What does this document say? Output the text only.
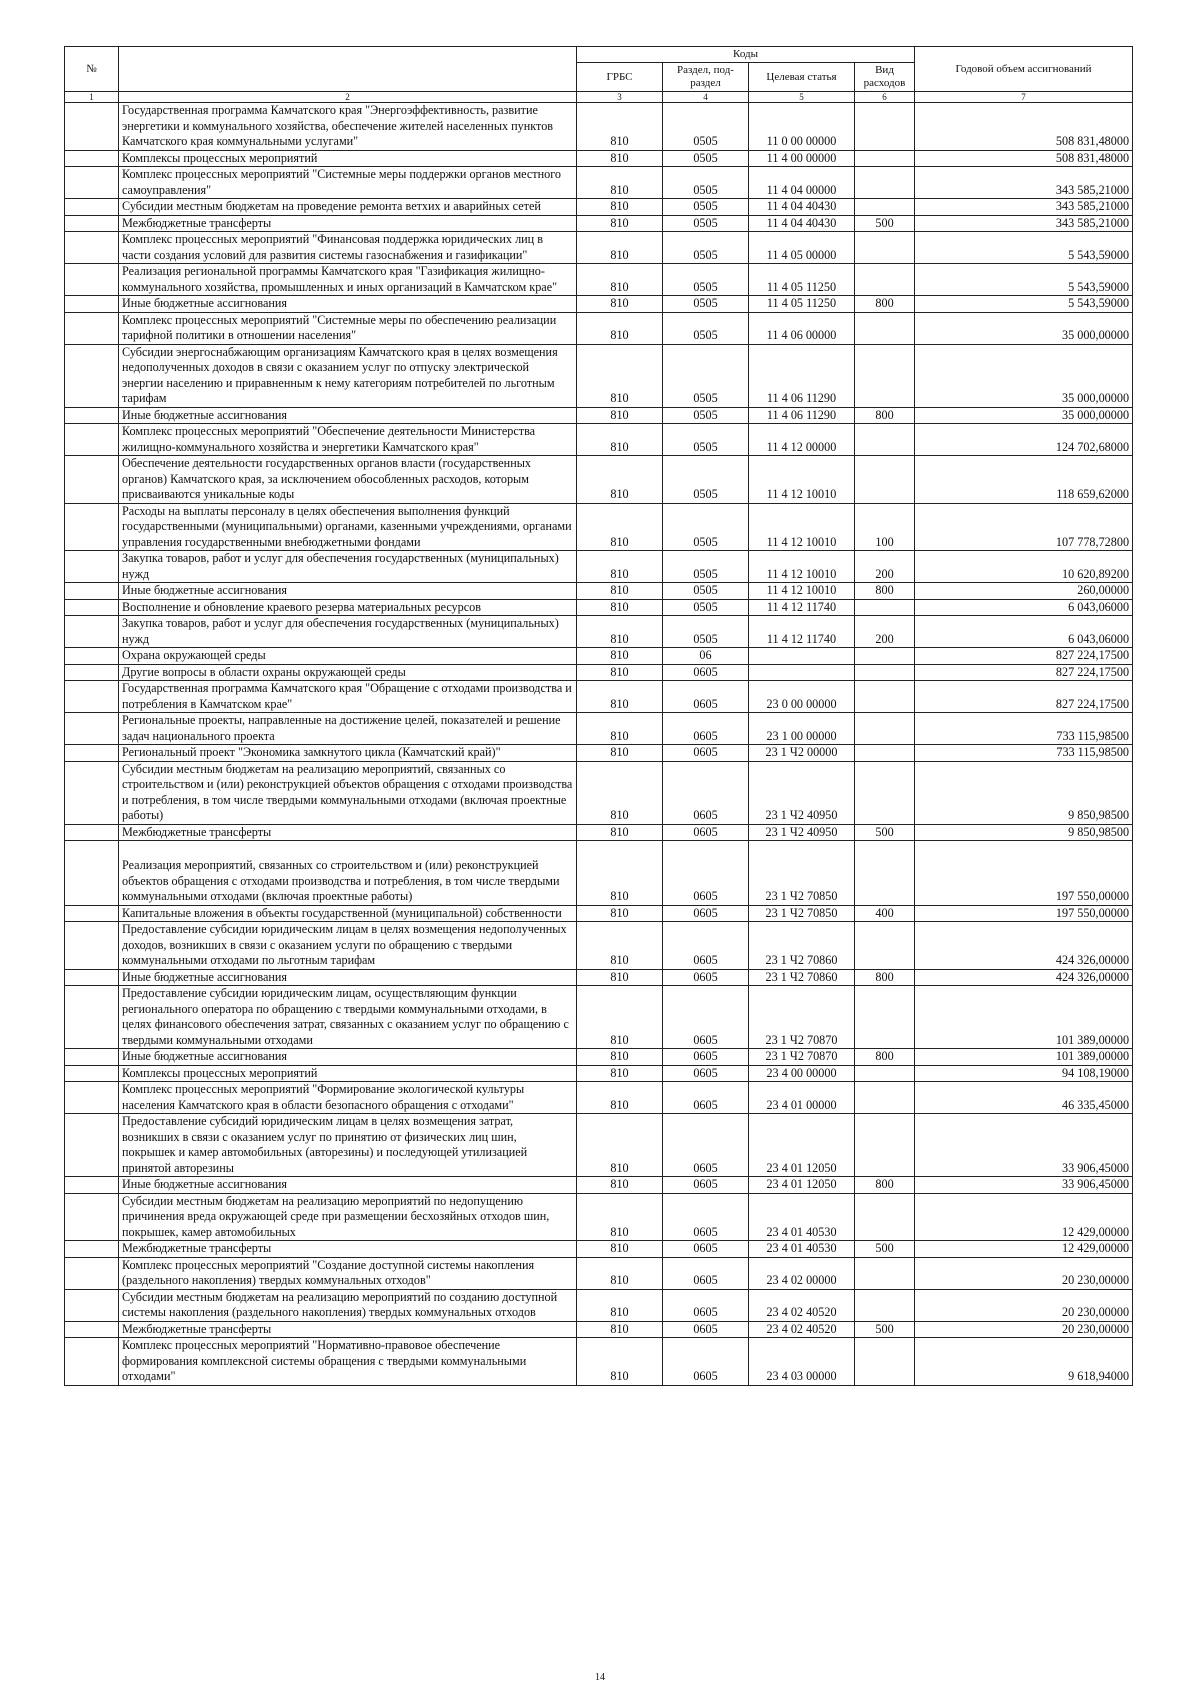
№		Коды				Годовой объем ассигнований
		ГРБС	Раздел, под-раздел	Целевая статья	Вид расходов	
1	2	3	4	5	6	7
	Государственная программа Камчатского края "Энергоэффективность, развитие энергетики и коммунального хозяйства, обеспечение жителей населенных пунктов Камчатского края коммунальными услугами"	810	0505	11 0 00 00000		508 831,48000
	Комплексы процессных мероприятий	810	0505	11 4 00 00000		508 831,48000
	Комплекс процессных мероприятий "Системные меры поддержки органов местного самоуправления"	810	0505	11 4 04 00000		343 585,21000
	Субсидии местным бюджетам на проведение ремонта ветхих и аварийных сетей	810	0505	11 4 04 40430		343 585,21000
	Межбюджетные трансферты	810	0505	11 4 04 40430	500	343 585,21000
	Комплекс процессных мероприятий "Финансовая поддержка юридических лиц в части создания условий для развития системы газоснабжения и газификации"	810	0505	11 4 05 00000		5 543,59000
	Реализация региональной программы Камчатского края "Газификация жилищно-коммунального хозяйства, промышленных и иных организаций в Камчатском крае"	810	0505	11 4 05 11250		5 543,59000
	Иные бюджетные ассигнования	810	0505	11 4 05 11250	800	5 543,59000
	Комплекс процессных мероприятий "Системные меры по обеспечению реализации тарифной политики в отношении населения"	810	0505	11 4 06 00000		35 000,00000
	Субсидии энергоснабжающим организациям Камчатского края в целях возмещения недополученных доходов в связи с оказанием услуг по отпуску электрической энергии населению и приравненным к нему категориям потребителей по льготным тарифам	810	0505	11 4 06 11290		35 000,00000
	Иные бюджетные ассигнования	810	0505	11 4 06 11290	800	35 000,00000
	Комплекс процессных мероприятий "Обеспечение деятельности Министерства жилищно-коммунального хозяйства и энергетики Камчатского края"	810	0505	11 4 12 00000		124 702,68000
	Обеспечение деятельности государственных органов власти (государственных органов) Камчатского края, за исключением обособленных расходов, которым присваиваются уникальные коды	810	0505	11 4 12 10010		118 659,62000
	Расходы на выплаты персоналу в целях обеспечения выполнения функций государственными (муниципальными) органами, казенными учреждениями, органами управления государственными внебюджетными фондами	810	0505	11 4 12 10010	100	107 778,72800
	Закупка товаров, работ и услуг для обеспечения государственных (муниципальных) нужд	810	0505	11 4 12 10010	200	10 620,89200
	Иные бюджетные ассигнования	810	0505	11 4 12 10010	800	260,00000
	Восполнение и обновление краевого резерва материальных ресурсов	810	0505	11 4 12 11740		6 043,06000
	Закупка товаров, работ и услуг для обеспечения государственных (муниципальных) нужд	810	0505	11 4 12 11740	200	6 043,06000
	Охрана окружающей среды	810	06			827 224,17500
	Другие вопросы в области охраны окружающей среды	810	0605			827 224,17500
	Государственная программа Камчатского края "Обращение с отходами производства и потребления в Камчатском крае"	810	0605	23 0 00 00000		827 224,17500
	Региональные проекты, направленные на достижение целей, показателей и решение задач национального проекта	810	0605	23 1 00 00000		733 115,98500
	Региональный проект "Экономика замкнутого цикла (Камчатский край)"	810	0605	23 1 Ч2 00000		733 115,98500
	Субсидии местным бюджетам на реализацию мероприятий, связанных со строительством и (или) реконструкцией объектов обращения с отходами производства и потребления, в том числе твердыми коммунальными отходами (включая проектные работы)	810	0605	23 1 Ч2 40950		9 850,98500
	Межбюджетные трансферты	810	0605	23 1 Ч2 40950	500	9 850,98500
	Реализация мероприятий, связанных со строительством и (или) реконструкцией объектов обращения с отходами производства и потребления, в том числе твердыми коммунальными отходами (включая проектные работы)	810	0605	23 1 Ч2 70850		197 550,00000
	Капитальные вложения в объекты государственной (муниципальной) собственности	810	0605	23 1 Ч2 70850	400	197 550,00000
	Предоставление субсидии юридическим лицам в целях возмещения недополученных доходов, возникших в связи с оказанием услуги по обращению с твердыми коммунальными отходами по льготным тарифам	810	0605	23 1 Ч2 70860		424 326,00000
	Иные бюджетные ассигнования	810	0605	23 1 Ч2 70860	800	424 326,00000
	Предоставление субсидии юридическим лицам, осуществляющим функции регионального оператора по обращению с твердыми коммунальными отходами, в целях финансового обеспечения затрат, связанных с оказанием услуг по обращению с твердыми коммунальными отходами	810	0605	23 1 Ч2 70870		101 389,00000
	Иные бюджетные ассигнования	810	0605	23 1 Ч2 70870	800	101 389,00000
	Комплексы процессных мероприятий	810	0605	23 4 00 00000		94 108,19000
	Комплекс процессных мероприятий "Формирование экологической культуры населения Камчатского края в области безопасного обращения с отходами"	810	0605	23 4 01 00000		46 335,45000
	Предоставление субсидий юридическим лицам в целях возмещения затрат, возникших в связи с оказанием услуг по принятию от физических лиц шин, покрышек и камер автомобильных (авторезины) и последующей утилизацией принятой авторезины	810	0605	23 4 01 12050		33 906,45000
	Иные бюджетные ассигнования	810	0605	23 4 01 12050	800	33 906,45000
	Субсидии местным бюджетам на реализацию мероприятий по недопущению причинения вреда окружающей среде при размещении бесхозяйных отходов шин, покрышек, камер автомобильных	810	0605	23 4 01 40530		12 429,00000
	Межбюджетные трансферты	810	0605	23 4 01 40530	500	12 429,00000
	Комплекс процессных мероприятий "Создание доступной системы накопления (раздельного накопления) твердых коммунальных отходов"	810	0605	23 4 02 00000		20 230,00000
	Субсидии местным бюджетам на реализацию мероприятий по созданию доступной системы накопления (раздельного накопления) твердых коммунальных отходов	810	0605	23 4 02 40520		20 230,00000
	Межбюджетные трансферты	810	0605	23 4 02 40520	500	20 230,00000
	Комплекс процессных мероприятий "Нормативно-правовое обеспечение формирования комплексной системы обращения с твердыми коммунальными отходами"	810	0605	23 4 03 00000		9 618,94000
14
